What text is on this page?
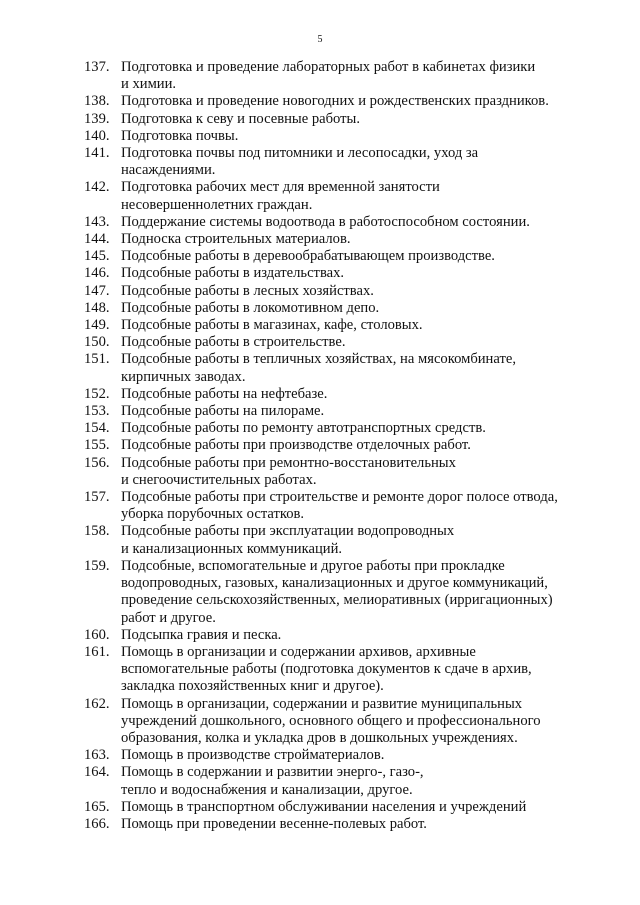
5
137. Подготовка и проведение лабораторных работ в кабинетах физики
и химии.
138. Подготовка и проведение новогодних и рождественских праздников.
139. Подготовка к севу и посевные работы.
140. Подготовка почвы.
141. Подготовка почвы под питомники и лесопосадки, уход за
насаждениями.
142. Подготовка рабочих мест для временной занятости
несовершеннолетних граждан.
143. Поддержание системы водоотвода в работоспособном состоянии.
144. Подноска строительных материалов.
145. Подсобные работы в деревообрабатывающем производстве.
146. Подсобные работы в издательствах.
147. Подсобные работы в лесных хозяйствах.
148. Подсобные работы в локомотивном депо.
149. Подсобные работы в магазинах, кафе, столовых.
150. Подсобные работы в строительстве.
151. Подсобные работы в тепличных хозяйствах, на мясокомбинате,
кирпичных заводах.
152. Подсобные работы на нефтебазе.
153. Подсобные работы на пилораме.
154. Подсобные работы по ремонту автотранспортных средств.
155. Подсобные работы при производстве отделочных работ.
156. Подсобные работы при ремонтно-восстановительных
и снегоочистительных работах.
157. Подсобные работы при строительстве и ремонте дорог полосе отвода,
уборка порубочных остатков.
158. Подсобные работы при эксплуатации водопроводных
и канализационных коммуникаций.
159. Подсобные, вспомогательные и другое работы при прокладке
водопроводных, газовых, канализационных и другое коммуникаций,
проведение сельскохозяйственных, мелиоративных (ирригационных)
работ и другое.
160. Подсыпка гравия и песка.
161. Помощь в организации и содержании архивов, архивные
вспомогательные работы (подготовка документов к сдаче в архив,
закладка похозяйственных книг и другое).
162. Помощь в организации, содержании и развитие муниципальных
учреждений дошкольного, основного общего и профессионального
образования, колка и укладка дров в дошкольных учреждениях.
163. Помощь в производстве стройматериалов.
164. Помощь в содержании и развитии энерго-, газо-,
тепло и водоснабжения и канализации, другое.
165. Помощь в транспортном обслуживании населения и учреждений
166. Помощь при проведении весенне-полевых работ.
